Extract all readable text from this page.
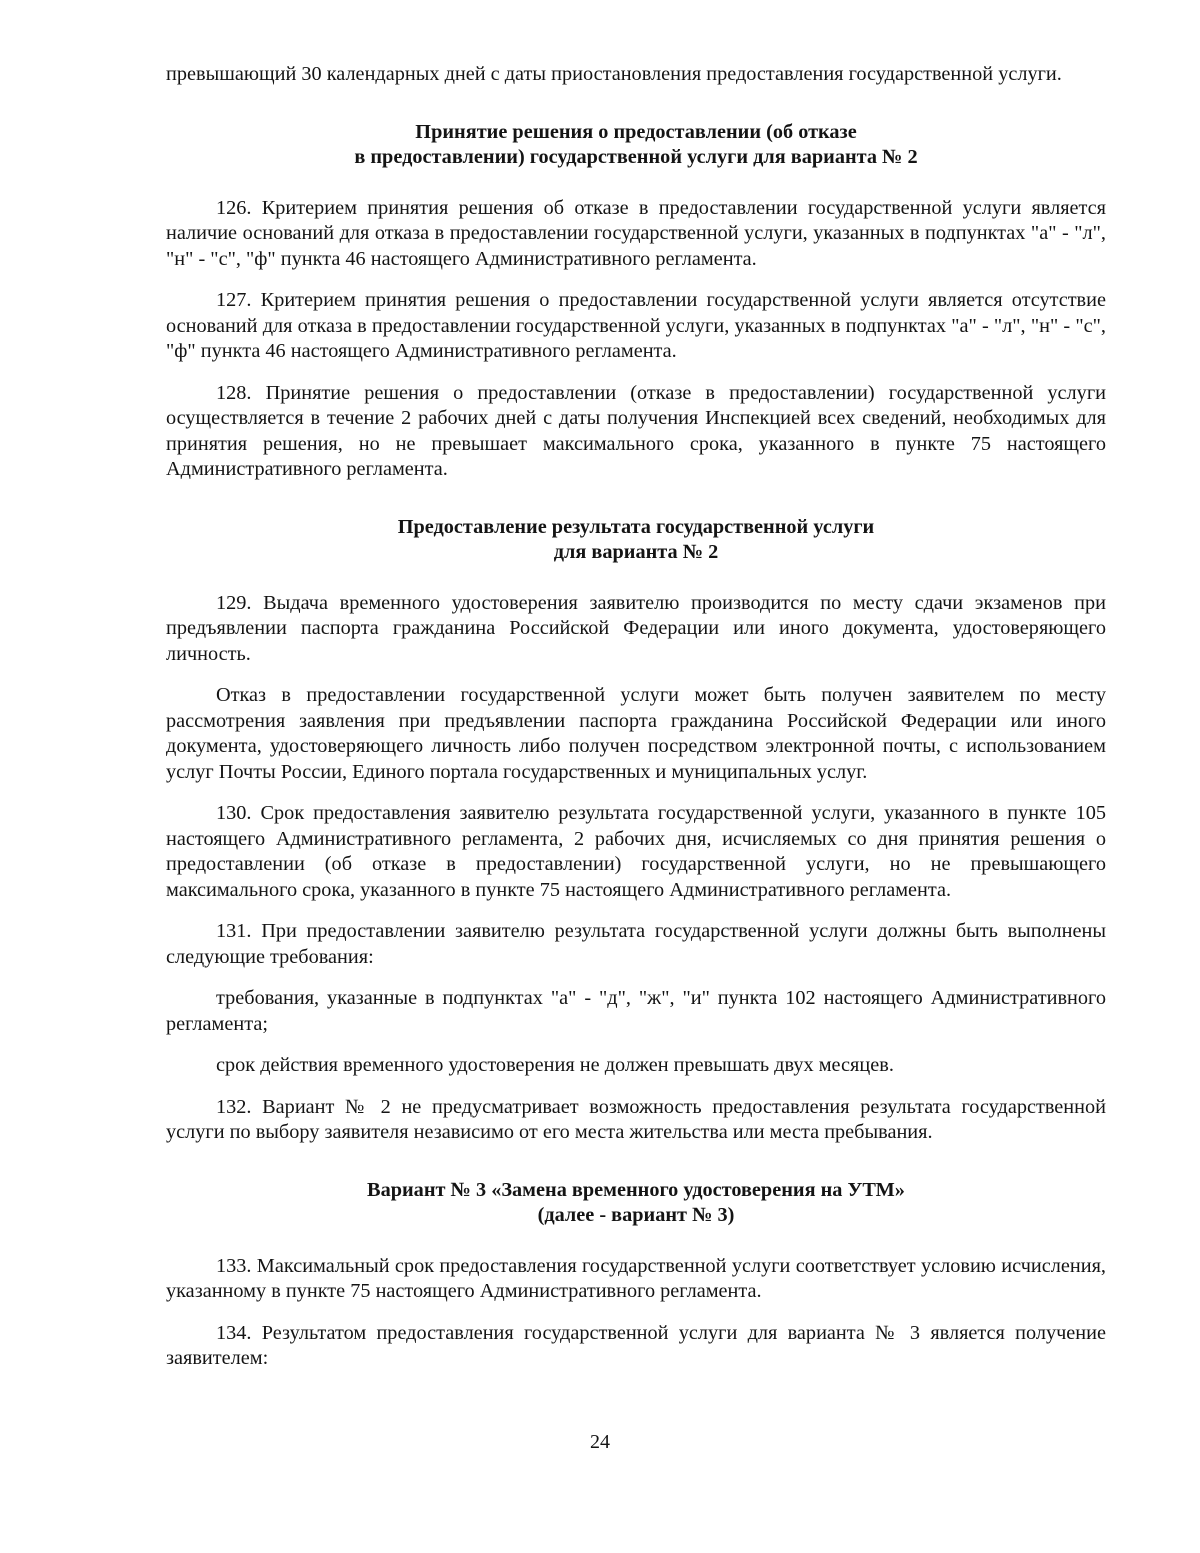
превышающий 30 календарных дней с даты приостановления предоставления государственной услуги.

Принятие решения о предоставлении (об отказе
в предоставлении) государственной услуги для варианта № 2

126. Критерием принятия решения об отказе в предоставлении государственной услуги является наличие оснований для отказа в предоставлении государственной услуги, указанных в подпунктах "а" - "л", "н" - "с", "ф" пункта 46 настоящего Административного регламента.

127. Критерием принятия решения о предоставлении государственной услуги является отсутствие оснований для отказа в предоставлении государственной услуги, указанных в подпунктах "а" - "л", "н" - "с", "ф" пункта 46 настоящего Административного регламента.

128. Принятие решения о предоставлении (отказе в предоставлении) государственной услуги осуществляется в течение 2 рабочих дней с даты получения Инспекцией всех сведений, необходимых для принятия решения, но не превышает максимального срока, указанного в пункте 75 настоящего Административного регламента.

Предоставление результата государственной услуги
для варианта № 2

129. Выдача временного удостоверения заявителю производится по месту сдачи экзаменов при предъявлении паспорта гражданина Российской Федерации или иного документа, удостоверяющего личность.

Отказ в предоставлении государственной услуги может быть получен заявителем по месту рассмотрения заявления при предъявлении паспорта гражданина Российской Федерации или иного документа, удостоверяющего личность либо получен посредством электронной почты, с использованием услуг Почты России, Единого портала государственных и муниципальных услуг.

130. Срок предоставления заявителю результата государственной услуги, указанного в пункте 105 настоящего Административного регламента, 2 рабочих дня, исчисляемых со дня принятия решения о предоставлении (об отказе в предоставлении) государственной услуги, но не превышающего максимального срока, указанного в пункте 75 настоящего Административного регламента.

131. При предоставлении заявителю результата государственной услуги должны быть выполнены следующие требования:

требования, указанные в подпунктах "а" - "д", "ж", "и" пункта 102 настоящего Административного регламента;

срок действия временного удостоверения не должен превышать двух месяцев.

132. Вариант № 2 не предусматривает возможность предоставления результата государственной услуги по выбору заявителя независимо от его места жительства или места пребывания.

Вариант № 3 «Замена временного удостоверения на УТМ»
(далее - вариант № 3)

133. Максимальный срок предоставления государственной услуги соответствует условию исчисления, указанному в пункте 75 настоящего Административного регламента.

134. Результатом предоставления государственной услуги для варианта № 3 является получение заявителем:

24
